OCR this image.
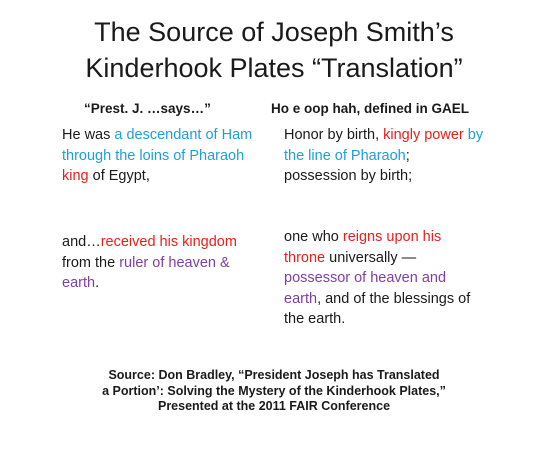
The Source of Joseph Smith’s
Kinderhook Plates “Translation”
“Prest. J. …says…”	Ho e oop hah, defined in GAEL
He was a descendant of Ham through the loins of Pharaoh king of Egypt,
Honor by birth, kingly power by the line of Pharaoh; possession by birth;
and…received his kingdom from the ruler of heaven & earth.
one who reigns upon his throne universally — possessor of heaven and earth, and of the blessings of the earth.
Source: Don Bradley, “President Joseph has Translated
a Portion’: Solving the Mystery of the Kinderhook Plates,”
Presented at the 2011 FAIR Conference
